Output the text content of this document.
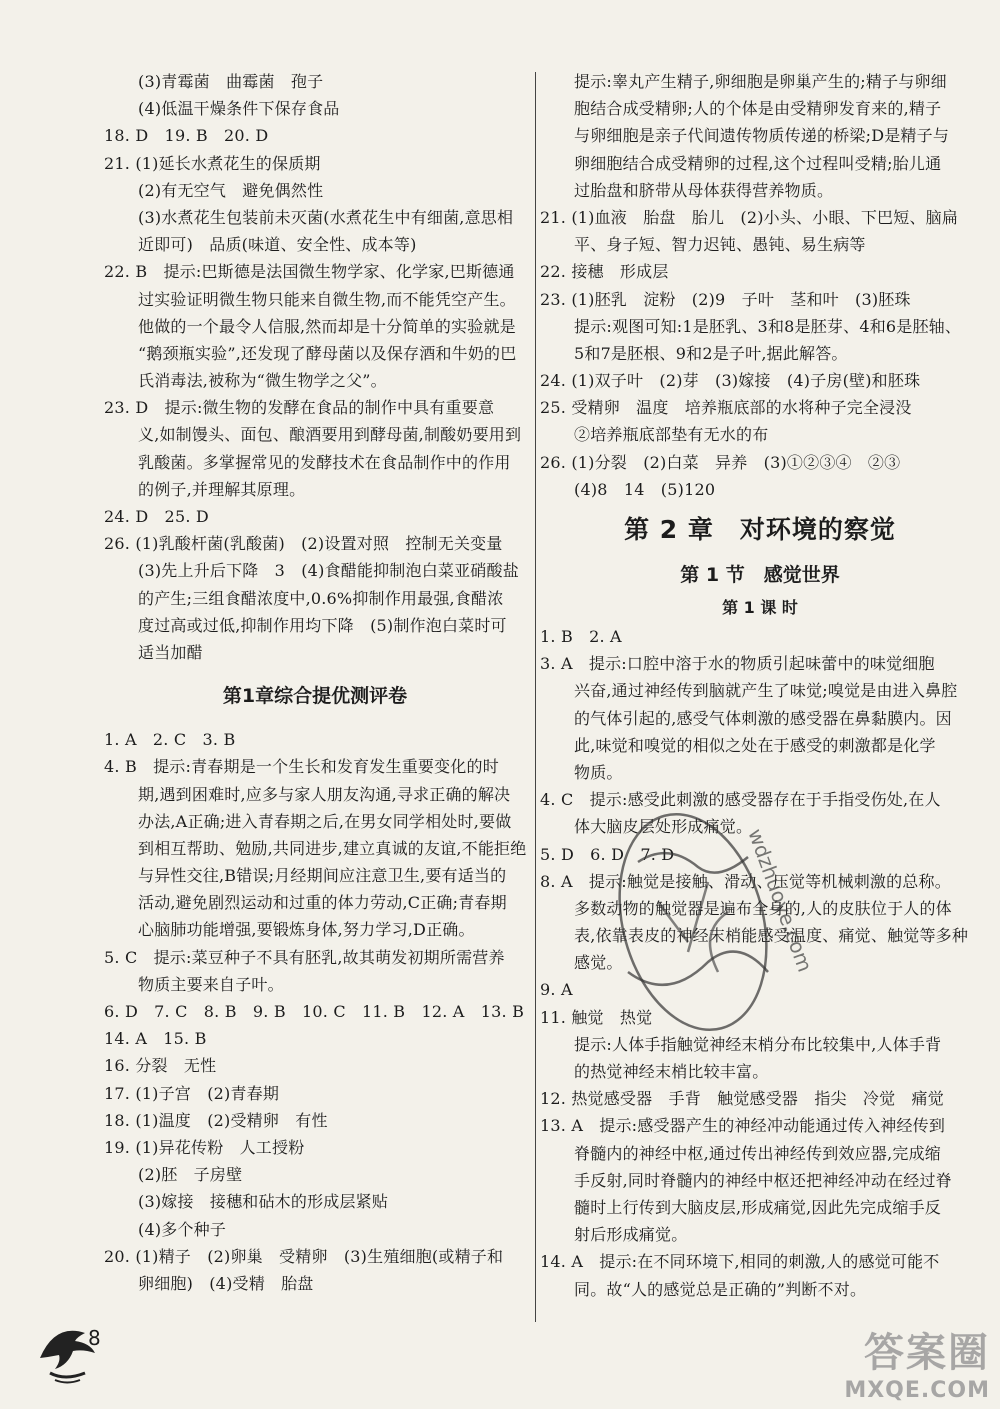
(3)青霉菌　曲霉菌　孢子
(4)低温干燥条件下保存食品
18. D　19. B　20. D
21. (1)延长水煮花生的保质期
(2)有无空气　避免偶然性
(3)水煮花生包装前未灭菌(水煮花生中有细菌,意思相
近即可)　品质(味道、安全性、成本等)
22. B　提示:巴斯德是法国微生物学家、化学家,巴斯德通
过实验证明微生物只能来自微生物,而不能凭空产生。
他做的一个最令人信服,然而却是十分简单的实验就是
“鹅颈瓶实验”,还发现了酵母菌以及保存酒和牛奶的巴
氏消毒法,被称为“微生物学之父”。
23. D　提示:微生物的发酵在食品的制作中具有重要意
义,如制馒头、面包、酿酒要用到酵母菌,制酸奶要用到
乳酸菌。多掌握常见的发酵技术在食品制作中的作用
的例子,并理解其原理。
24. D　25. D
26. (1)乳酸杆菌(乳酸菌)　(2)设置对照　控制无关变量
(3)先上升后下降　3　(4)食醋能抑制泡白菜亚硝酸盐
的产生;三组食醋浓度中,0.6%抑制作用最强,食醋浓
度过高或过低,抑制作用均下降　(5)制作泡白菜时可
适当加醋
第1章综合提优测评卷
1. A　2. C　3. B
4. B　提示:青春期是一个生长和发育发生重要变化的时
期,遇到困难时,应多与家人朋友沟通,寻求正确的解决
办法,A正确;进入青春期之后,在男女同学相处时,要做
到相互帮助、勉励,共同进步,建立真诚的友谊,不能拒绝
与异性交往,B错误;月经期间应注意卫生,要有适当的
活动,避免剧烈运动和过重的体力劳动,C正确;青春期
心脑肺功能增强,要锻炼身体,努力学习,D正确。
5. C　提示:菜豆种子不具有胚乳,故其萌发初期所需营养
物质主要来自子叶。
6. D　7. C　8. B　9. B　10. C　11. B　12. A　13. B
14. A　15. B
16. 分裂　无性
17. (1)子宫　(2)青春期
18. (1)温度　(2)受精卵　有性
19. (1)异花传粉　人工授粉
(2)胚　子房壁
(3)嫁接　接穗和砧木的形成层紧贴
(4)多个种子
20. (1)精子　(2)卵巢　受精卵　(3)生殖细胞(或精子和
卵细胞)　(4)受精　胎盘
提示:睾丸产生精子,卵细胞是卵巢产生的;精子与卵细
胞结合成受精卵;人的个体是由受精卵发育来的,精子
与卵细胞是亲子代间遗传物质传递的桥梁;D是精子与
卵细胞结合成受精卵的过程,这个过程叫受精;胎儿通
过胎盘和脐带从母体获得营养物质。
21. (1)血液　胎盘　胎儿　(2)小头、小眼、下巴短、脑扁
平、身子短、智力迟钝、愚钝、易生病等
22. 接穗　形成层
23. (1)胚乳　淀粉　(2)9　子叶　茎和叶　(3)胚珠
提示:观图可知:1是胚乳、3和8是胚芽、4和6是胚轴、
5和7是胚根、9和2是子叶,据此解答。
24. (1)双子叶　(2)芽　(3)嫁接　(4)子房(壁)和胚珠
25. 受精卵　温度　培养瓶底部的水将种子完全浸没
②培养瓶底部垫有无水的布
26. (1)分裂　(2)白菜　异养　(3)①②③④　②③
(4)8　14　(5)120
第 2 章　对环境的察觉
第 1 节　感觉世界
第 1 课 时
1. B　2. A
3. A　提示:口腔中溶于水的物质引起味蕾中的味觉细胞
兴奋,通过神经传到脑就产生了味觉;嗅觉是由进入鼻腔
的气体引起的,感受气体刺激的感受器在鼻黏膜内。因
此,味觉和嗅觉的相似之处在于感受的刺激都是化学
物质。
4. C　提示:感受此刺激的感受器存在于手指受伤处,在人
体大脑皮层处形成痛觉。
5. D　6. D　7. D
8. A　提示:触觉是接触、滑动、压觉等机械刺激的总称。
多数动物的触觉器是遍布全身的,人的皮肤位于人的体
表,依靠表皮的神经末梢能感受温度、痛觉、触觉等多种
感觉。
9. A
11. 触觉　热觉
提示:人体手指触觉神经末梢分布比较集中,人体手背
的热觉神经末梢比较丰富。
12. 热觉感受器　手背　触觉感受器　指尖　冷觉　痛觉
13. A　提示:感受器产生的神经冲动能通过传入神经传到
脊髓内的神经中枢,通过传出神经传到效应器,完成缩
手反射,同时脊髓内的神经中枢还把神经冲动在经过脊
髓时上行传到大脑皮层,形成痛觉,因此先完成缩手反
射后形成痛觉。
14. A　提示:在不同环境下,相同的刺激,人的感觉可能不
同。故“人的感觉总是正确的”判断不对。
wdzhuoye.com
8	答案圈
MXQE.COM
